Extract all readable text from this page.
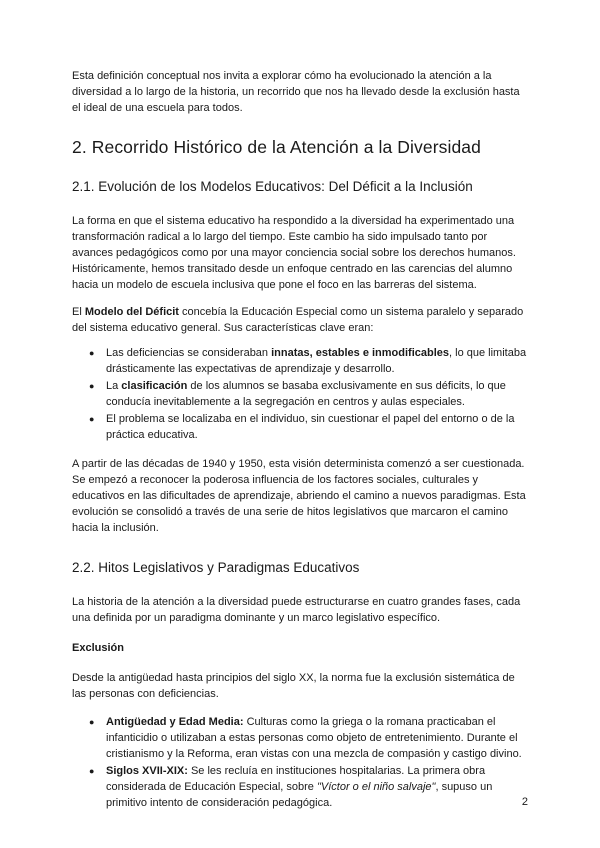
Esta definición conceptual nos invita a explorar cómo ha evolucionado la atención a la diversidad a lo largo de la historia, un recorrido que nos ha llevado desde la exclusión hasta el ideal de una escuela para todos.

2. Recorrido Histórico de la Atención a la Diversidad
2.1. Evolución de los Modelos Educativos: Del Déficit a la Inclusión

La forma en que el sistema educativo ha respondido a la diversidad ha experimentado una transformación radical a lo largo del tiempo. Este cambio ha sido impulsado tanto por avances pedagógicos como por una mayor conciencia social sobre los derechos humanos. Históricamente, hemos transitado desde un enfoque centrado en las carencias del alumno hacia un modelo de escuela inclusiva que pone el foco en las barreras del sistema.

El Modelo del Déficit concebía la Educación Especial como un sistema paralelo y separado del sistema educativo general. Sus características clave eran:

● Las deficiencias se consideraban innatas, estables e inmodificables, lo que limitaba drásticamente las expectativas de aprendizaje y desarrollo.
● La clasificación de los alumnos se basaba exclusivamente en sus déficits, lo que conducía inevitablemente a la segregación en centros y aulas especiales.
● El problema se localizaba en el individuo, sin cuestionar el papel del entorno o de la práctica educativa.

A partir de las décadas de 1940 y 1950, esta visión determinista comenzó a ser cuestionada. Se empezó a reconocer la poderosa influencia de los factores sociales, culturales y educativos en las dificultades de aprendizaje, abriendo el camino a nuevos paradigmas. Esta evolución se consolidó a través de una serie de hitos legislativos que marcaron el camino hacia la inclusión.

2.2. Hitos Legislativos y Paradigmas Educativos

La historia de la atención a la diversidad puede estructurarse en cuatro grandes fases, cada una definida por un paradigma dominante y un marco legislativo específico.

Exclusión

Desde la antigüedad hasta principios del siglo XX, la norma fue la exclusión sistemática de las personas con deficiencias.

● Antigüedad y Edad Media: Culturas como la griega o la romana practicaban el infanticidio o utilizaban a estas personas como objeto de entretenimiento. Durante el cristianismo y la Reforma, eran vistas con una mezcla de compasión y castigo divino.
● Siglos XVII-XIX: Se les recluía en instituciones hospitalarias. La primera obra considerada de Educación Especial, sobre "Víctor o el niño salvaje", supuso un primitivo intento de consideración pedagógica.	2
